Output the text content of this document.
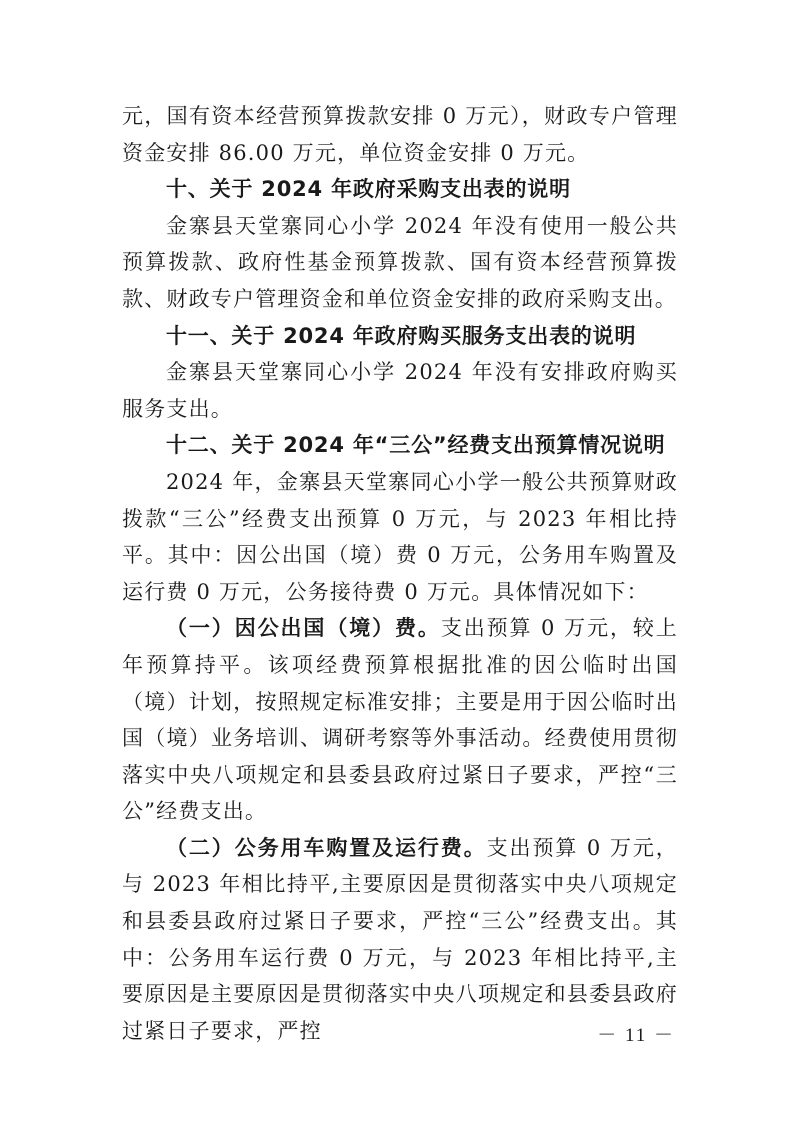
元，国有资本经营预算拨款安排 0 万元），财政专户管理资金安排 86.00 万元，单位资金安排 0 万元。

十、关于 2024 年政府采购支出表的说明

金寨县天堂寨同心小学 2024 年没有使用一般公共预算拨款、政府性基金预算拨款、国有资本经营预算拨款、财政专户管理资金和单位资金安排的政府采购支出。

十一、关于 2024 年政府购买服务支出表的说明

金寨县天堂寨同心小学 2024 年没有安排政府购买服务支出。

十二、关于 2024 年“三公”经费支出预算情况说明

2024 年，金寨县天堂寨同心小学一般公共预算财政拨款“三公”经费支出预算 0 万元，与 2023 年相比持平。其中：因公出国（境）费 0 万元，公务用车购置及运行费 0 万元，公务接待费 0 万元。具体情况如下：

（一）因公出国（境）费。支出预算 0 万元，较上年预算持平。该项经费预算根据批准的因公临时出国（境）计划，按照规定标准安排；主要是用于因公临时出国（境）业务培训、调研考察等外事活动。经费使用贯彻落实中央八项规定和县委县政府过紧日子要求，严控“三公”经费支出。

（二）公务用车购置及运行费。支出预算 0 万元，与 2023 年相比持平,主要原因是贯彻落实中央八项规定和县委县政府过紧日子要求，严控“三公”经费支出。其中：公务用车运行费 0 万元，与 2023 年相比持平,主要原因是主要原因是贯彻落实中央八项规定和县委县政府过紧日子要求，严控	－ 11 －
